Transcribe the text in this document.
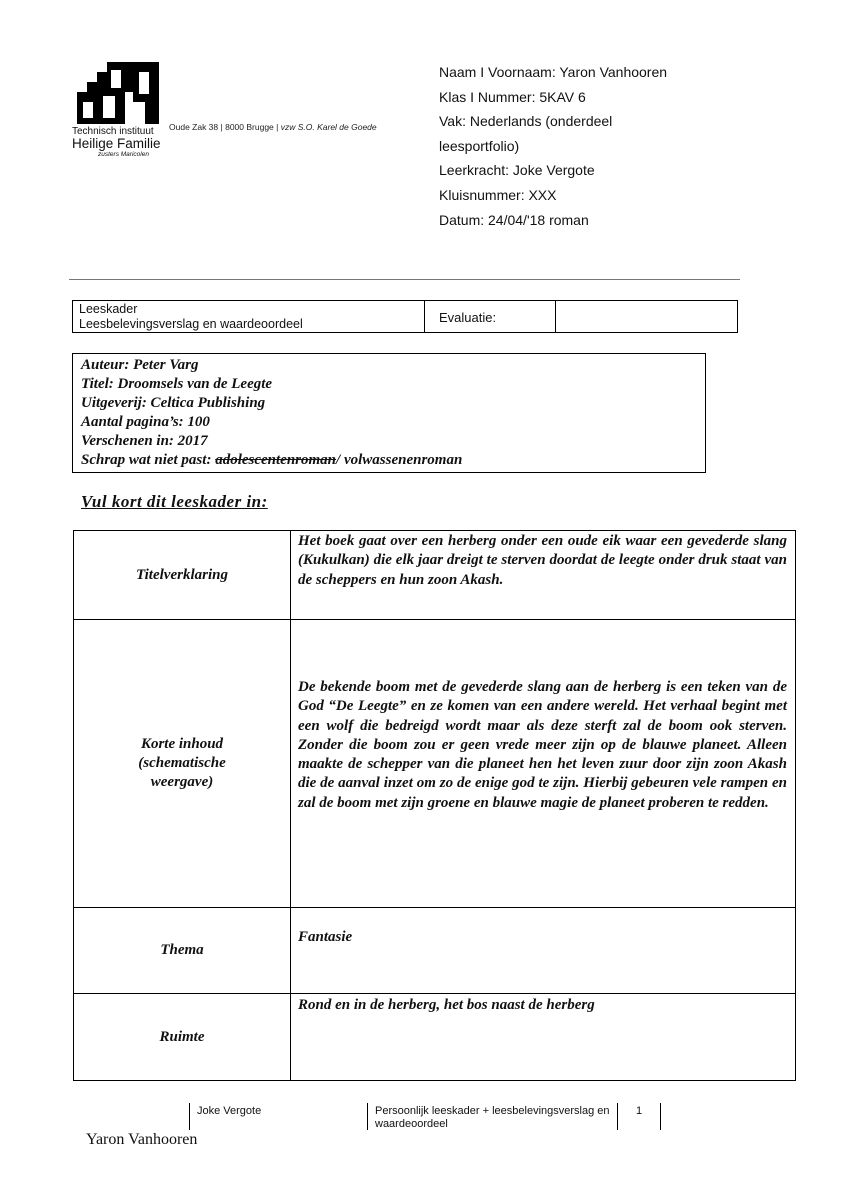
Technisch instituut
Heilige Familie
zusters Maricolen
Oude Zak 38 | 8000 Brugge | vzw S.O. Karel de Goede
Naam I Voornaam: Yaron Vanhooren
Klas I Nummer: 5KAV 6
Vak: Nederlands (onderdeel
leesportfolio)
Leerkracht: Joke Vergote
Kluisnummer: XXX
Datum: 24/04/'18 roman
Leeskader
Leesbelevingsverslag en waardeoordeel	Evaluatie:
Auteur: Peter Varg
Titel: Droomsels van de Leegte
Uitgeverij: Celtica Publishing
Aantal pagina’s: 100
Verschenen in: 2017
Schrap wat niet past: adolescentenroman/ volwassenenroman
Vul kort dit leeskader in:
Titelverklaring
Het boek gaat over een herberg onder een oude eik waar een gevederde slang (Kukulkan) die elk jaar dreigt te sterven doordat de leegte onder druk staat van de scheppers en hun zoon Akash.
Korte inhoud (schematische weergave)
De bekende boom met de gevederde slang aan de herberg is een teken van de God “De Leegte” en ze komen van een andere wereld. Het verhaal begint met een wolf die bedreigd wordt maar als deze sterft zal de boom ook sterven. Zonder die boom zou er geen vrede meer zijn op de blauwe planeet. Alleen maakte de schepper van die planeet hen het leven zuur door zijn zoon Akash die de aanval inzet om zo de enige god te zijn. Hierbij gebeuren vele rampen en zal de boom met zijn groene en blauwe magie de planeet proberen te redden.
Thema
Fantasie
Ruimte
Rond en in de herberg, het bos naast de herberg
Joke Vergote	Persoonlijk leeskader + leesbelevingsverslag en waardeoordeel
1
Yaron Vanhooren
